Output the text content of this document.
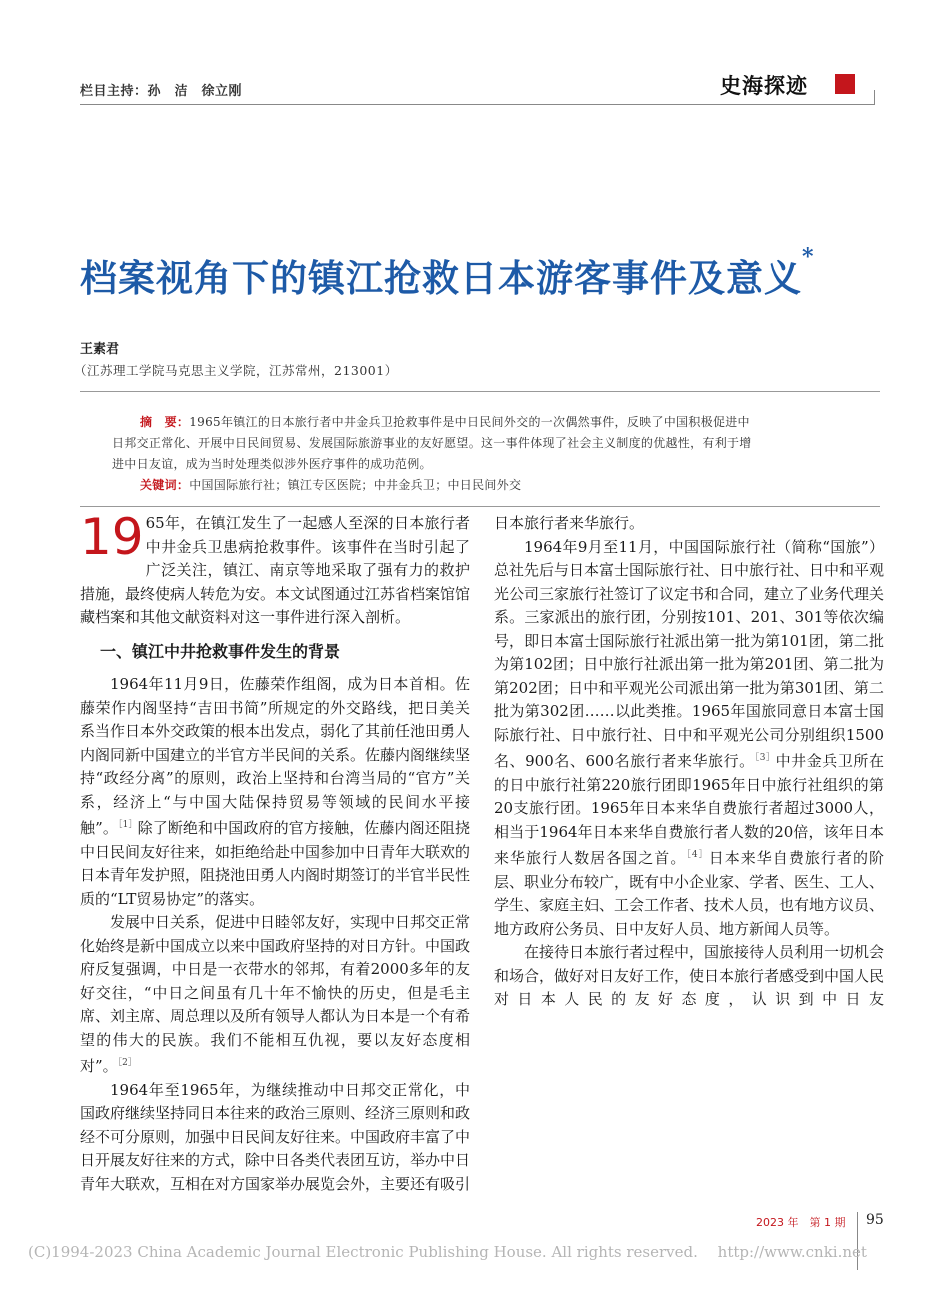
栏目主持：孙　洁　徐立刚	史海探迹
档案视角下的镇江抢救日本游客事件及意义*
王素君
（江苏理工学院马克思主义学院，江苏常州，213001）
摘　要：1965年镇江的日本旅行者中井金兵卫抢救事件是中日民间外交的一次偶然事件，反映了中国积极促进中
日邦交正常化、开展中日民间贸易、发展国际旅游事业的友好愿望。这一事件体现了社会主义制度的优越性，有利于增
进中日友谊，成为当时处理类似涉外医疗事件的成功范例。
关键词：中国国际旅行社；镇江专区医院；中井金兵卫；中日民间外交

19 65年，在镇江发生了一起感人至深的日本旅行者中井金兵卫患病抢救事件。该事件在当时引起了广泛关注，镇江、南京等地采取了强有力的救护措施，最终使病人转危为安。本文试图通过江苏省档案馆馆藏档案和其他文献资料对这一事件进行深入剖析。

一、镇江中井抢救事件发生的背景

1964年11月9日，佐藤荣作组阁，成为日本首相。佐藤荣作内阁坚持“吉田书简”所规定的外交路线，把日美关系当作日本外交政策的根本出发点，弱化了其前任池田勇人内阁同新中国建立的半官方半民间的关系。佐藤内阁继续坚持“政经分离”的原则，政治上坚持和台湾当局的“官方”关系，经济上“与中国大陆保持贸易等领域的民间水平接触”。$^{[1]}$除了断绝和中国政府的官方接触，佐藤内阁还阻挠中日民间友好往来，如拒绝给赴中国参加中日青年大联欢的日本青年发护照，阻挠池田勇人内阁时期签订的半官半民性质的“LT贸易协定”的落实。

发展中日关系，促进中日睦邻友好，实现中日邦交正常化始终是新中国成立以来中国政府坚持的对日方针。中国政府反复强调，中日是一衣带水的邻邦，有着2000多年的友好交往，“中日之间虽有几十年不愉快的历史，但是毛主席、刘主席、周总理以及所有领导人都认为日本是一个有希望的伟大的民族。我们不能相互仇视，要以友好态度相对”。$^{[2]}$

1964年至1965年，为继续推动中日邦交正常化，中国政府继续坚持同日本往来的政治三原则、经济三原则和政经不可分原则，加强中日民间友好往来。中国政府丰富了中日开展友好往来的方式，除中日各类代表团互访，举办中日青年大联欢，互相在对方国家举办展览会外，主要还有吸引

日本旅行者来华旅行。

1964年9月至11月，中国国际旅行社（简称“国旅”）总社先后与日本富士国际旅行社、日中旅行社、日中和平观光公司三家旅行社签订了议定书和合同，建立了业务代理关系。三家派出的旅行团，分别按101、201、301等依次编号，即日本富士国际旅行社派出第一批为第101团，第二批为第102团；日中旅行社派出第一批为第201团、第二批为第202团；日中和平观光公司派出第一批为第301团、第二批为第302团……以此类推。1965年国旅同意日本富士国际旅行社、日中旅行社、日中和平观光公司分别组织1500名、900名、600名旅行者来华旅行。$^{[3]}$中井金兵卫所在的日中旅行社第220旅行团即1965年日中旅行社组织的第20支旅行团。1965年日本来华自费旅行者超过3000人，相当于1964年日本来华自费旅行者人数的20倍，该年日本来华旅行人数居各国之首。$^{[4]}$日本来华自费旅行者的阶层、职业分布较广，既有中小企业家、学者、医生、工人、学生、家庭主妇、工会工作者、技术人员，也有地方议员、地方政府公务员、日中友好人员、地方新闻人员等。

在接待日本旅行者过程中，国旅接待人员利用一切机会和场合，做好对日友好工作，使日本旅行者感受到中国人民对日本人民的友好态度，认识到中日友

2023 年　第 1 期 95
(C)1994-2023 China Academic Journal Electronic Publishing House. All rights reserved.　 http://www.cnki.net
